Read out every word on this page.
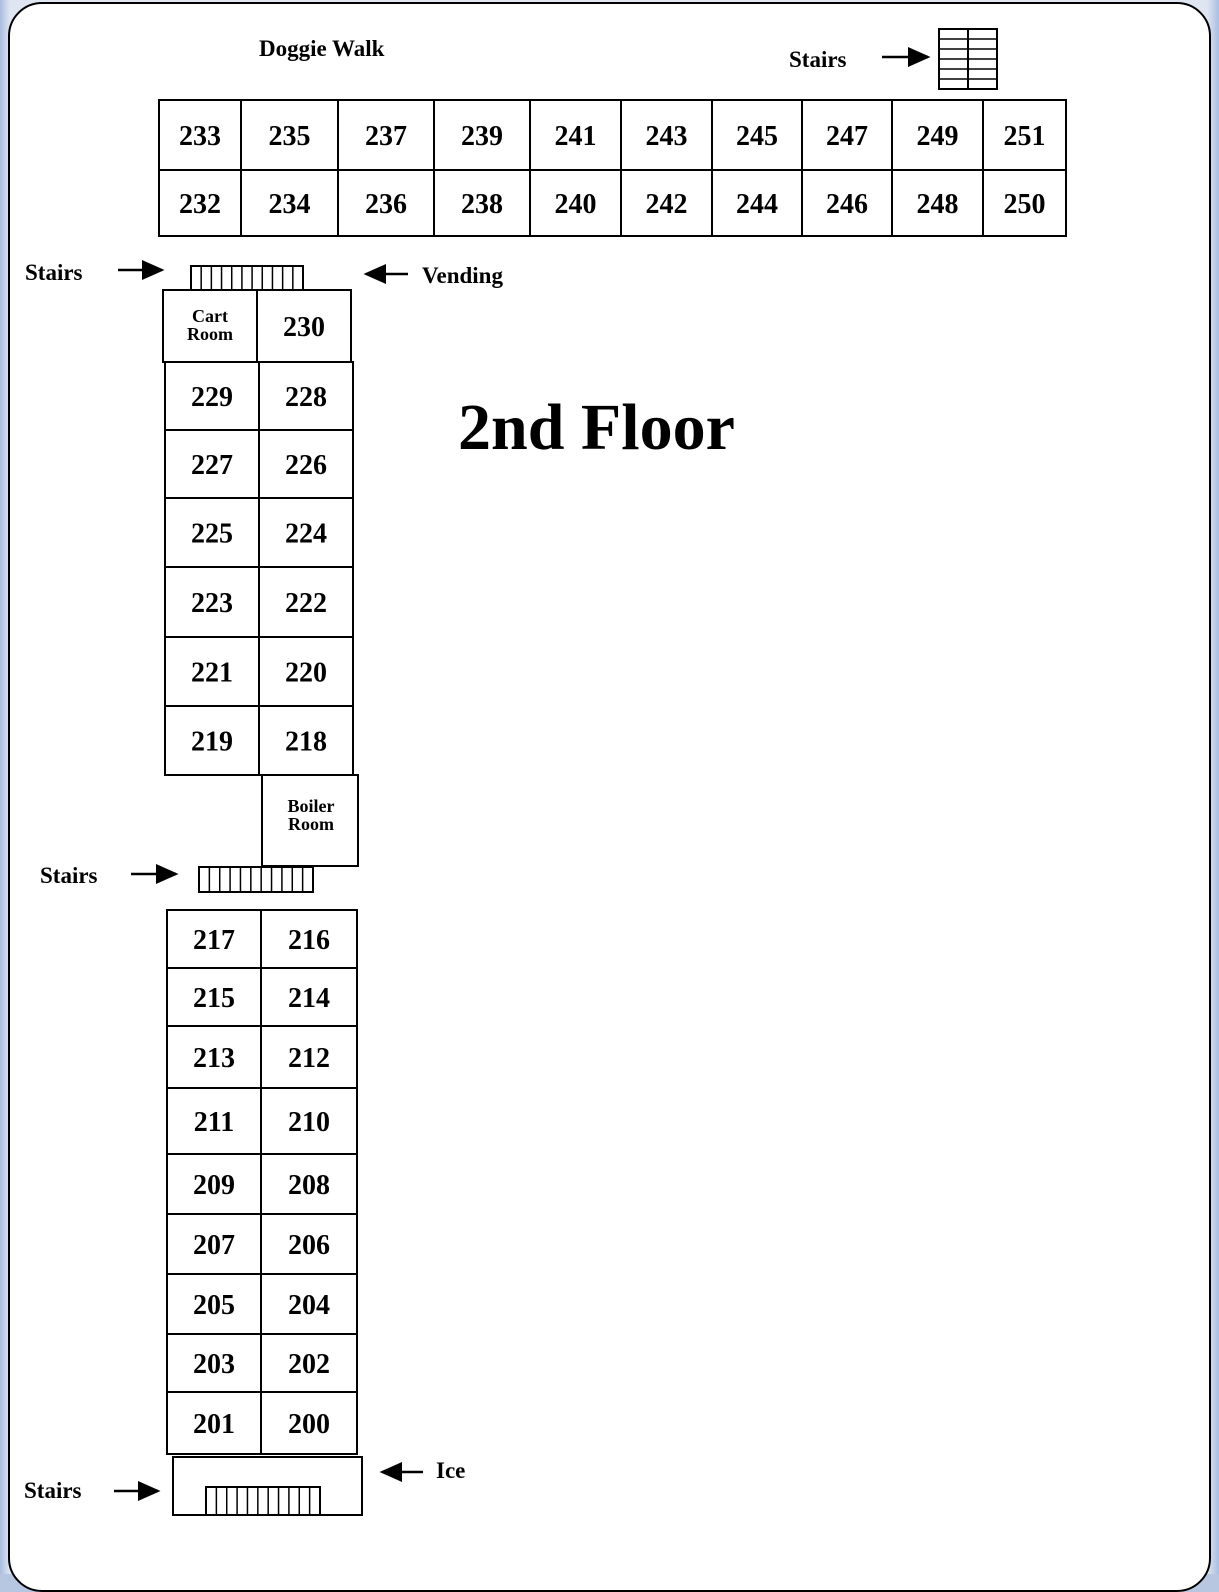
2nd Floor
Doggie Walk	Stairs
233 235 237 239 241 243 245 247 249 251
232 234 236 238 240 242 244 246 248 250
Stairs	Vending
230
229 228
227 226
225 224
223 222
221 220
219 218
Cart
Room
Boiler
Room
Stairs
217 216
215 214
213 212
211 210
209 208
207 206
205 204
203 202
201 200
Stairs
Ice
